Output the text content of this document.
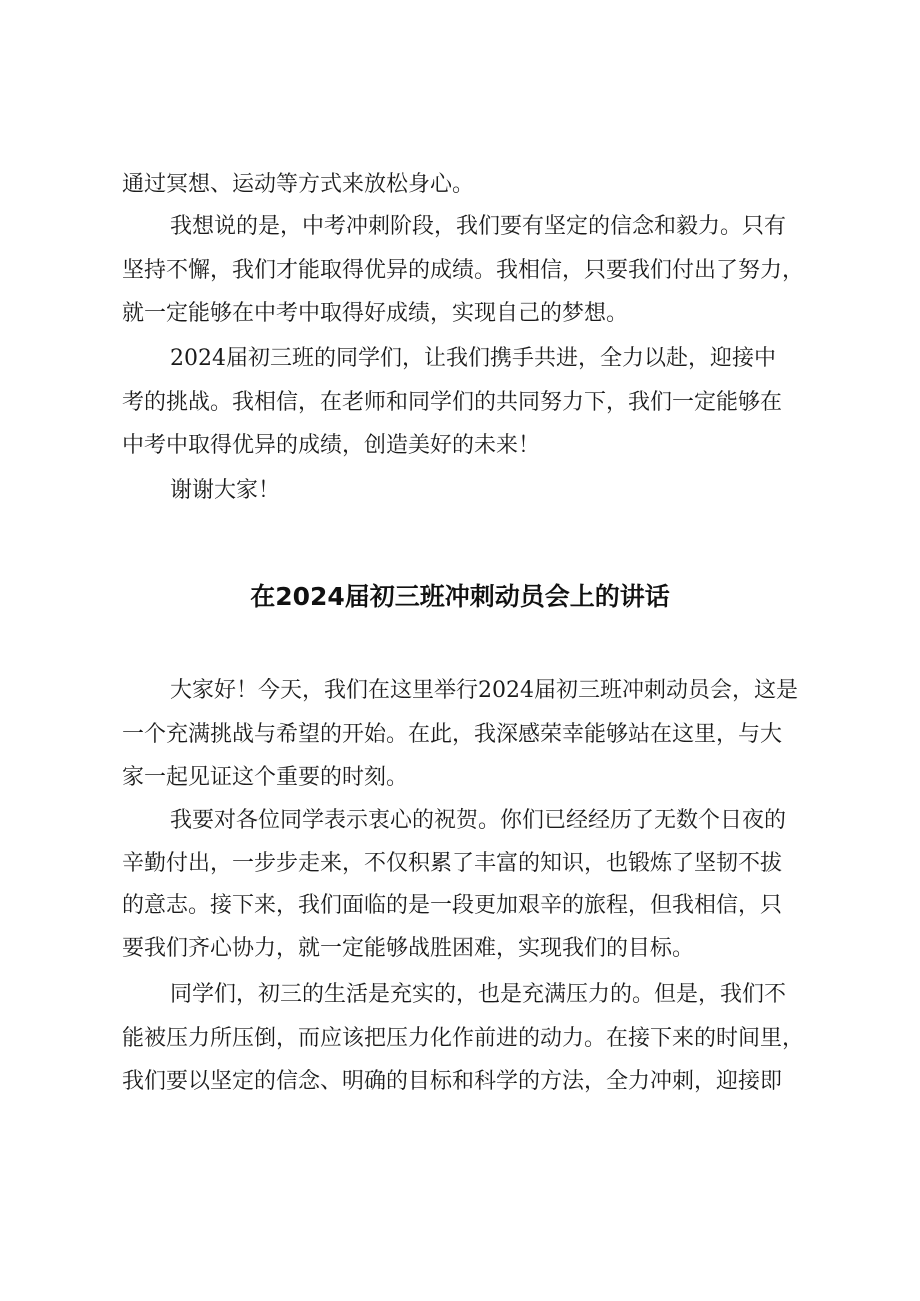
通过冥想、运动等方式来放松身心。

我想说的是，中考冲刺阶段，我们要有坚定的信念和毅力。只有

坚持不懈，我们才能取得优异的成绩。我相信，只要我们付出了努力，

就一定能够在中考中取得好成绩，实现自己的梦想。

2024届初三班的同学们，让我们携手共进，全力以赴，迎接中

考的挑战。我相信，在老师和同学们的共同努力下，我们一定能够在

中考中取得优异的成绩，创造美好的未来！

谢谢大家！

在2024届初三班冲刺动员会上的讲话

大家好！今天，我们在这里举行2024届初三班冲刺动员会，这是

一个充满挑战与希望的开始。在此，我深感荣幸能够站在这里，与大

家一起见证这个重要的时刻。

我要对各位同学表示衷心的祝贺。你们已经经历了无数个日夜的

辛勤付出，一步步走来，不仅积累了丰富的知识，也锻炼了坚韧不拔

的意志。接下来，我们面临的是一段更加艰辛的旅程，但我相信，只

要我们齐心协力，就一定能够战胜困难，实现我们的目标。

同学们，初三的生活是充实的，也是充满压力的。但是，我们不

能被压力所压倒，而应该把压力化作前进的动力。在接下来的时间里，

我们要以坚定的信念、明确的目标和科学的方法，全力冲刺，迎接即
